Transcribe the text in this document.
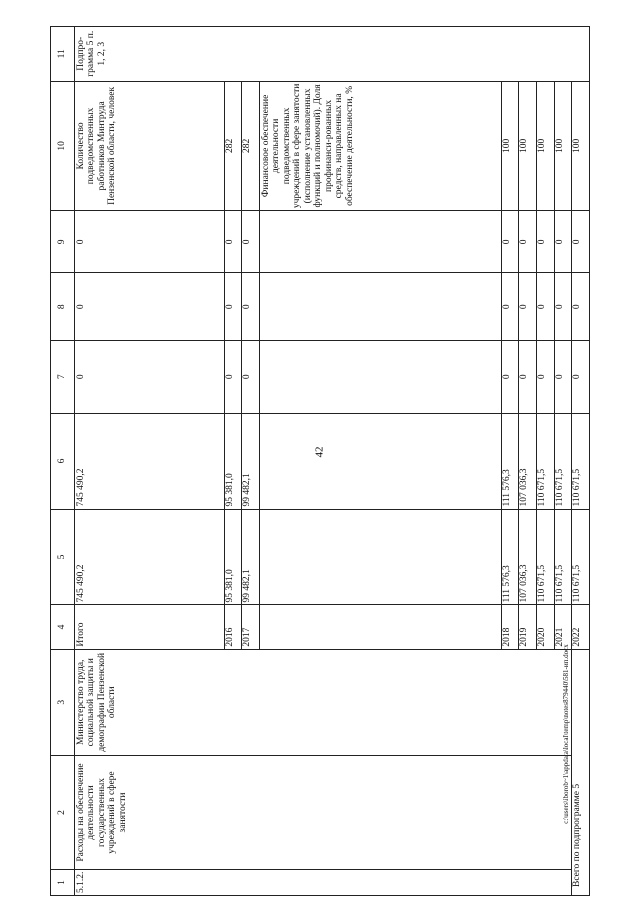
42
c:\users\iborob~1\appdata\local\temp\notes879440\581-ип.docx
1	2	3	4	5	6	7	8	9	10	11
5.1.2.	Расходы на обеспечение деятельности государственных учреждений в сфере занятости	Министерство труда, социальной защиты и демографии Пензенской области	Итого	745 490,2	745 490,2	0	0	0	Количество подведомственных работников Минтруда Пензенской области, человек	Подпро-грамма 5 п. 1, 2, 3
			2016	95 381,0	95 381,0	0	0	0	282	
			2017	99 482,1	99 482,1	0	0	0	282	
									Финансовое обеспечение деятельности подведомственных учреждений в сфере занятости (исполнение установленных функций и полномочий). Доля профинанси-рованных средств, направленных на обеспечение деятельности, %	
			2018	111 576,3	111 576,3	0	0	0	100	
			2019	107 036,3	107 036,3	0	0	0	100	
			2020	110 671,5	110 671,5	0	0	0	100	
			2021	110 671,5	110 671,5	0	0	0	100	
Всего по подпрограмме 5			2022	110 671,5	110 671,5	0	0	0	100	
